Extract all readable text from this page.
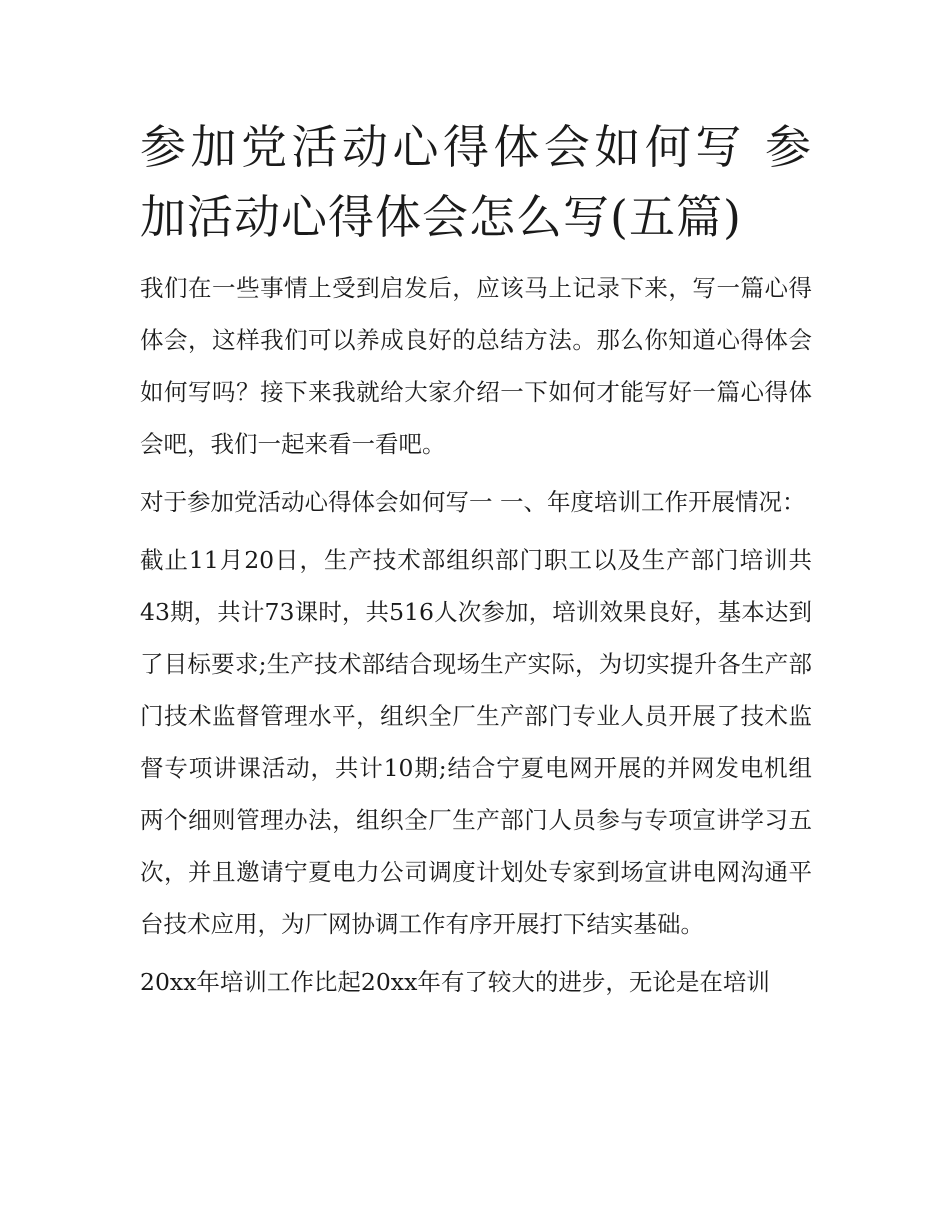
参加党活动心得体会如何写 参加活动心得体会怎么写(五篇)

我们在一些事情上受到启发后，应该马上记录下来，写一篇心得体会，这样我们可以养成良好的总结方法。那么你知道心得体会如何写吗？接下来我就给大家介绍一下如何才能写好一篇心得体会吧，我们一起来看一看吧。

对于参加党活动心得体会如何写一 一、年度培训工作开展情况：

截止11月20日，生产技术部组织部门职工以及生产部门培训共43期，共计73课时，共516人次参加，培训效果良好，基本达到了目标要求;生产技术部结合现场生产实际，为切实提升各生产部门技术监督管理水平，组织全厂生产部门专业人员开展了技术监督专项讲课活动，共计10期;结合宁夏电网开展的并网发电机组两个细则管理办法，组织全厂生产部门人员参与专项宣讲学习五次，并且邀请宁夏电力公司调度计划处专家到场宣讲电网沟通平台技术应用，为厂网协调工作有序开展打下结实基础。

20xx年培训工作比起20xx年有了较大的进步，无论是在培训
